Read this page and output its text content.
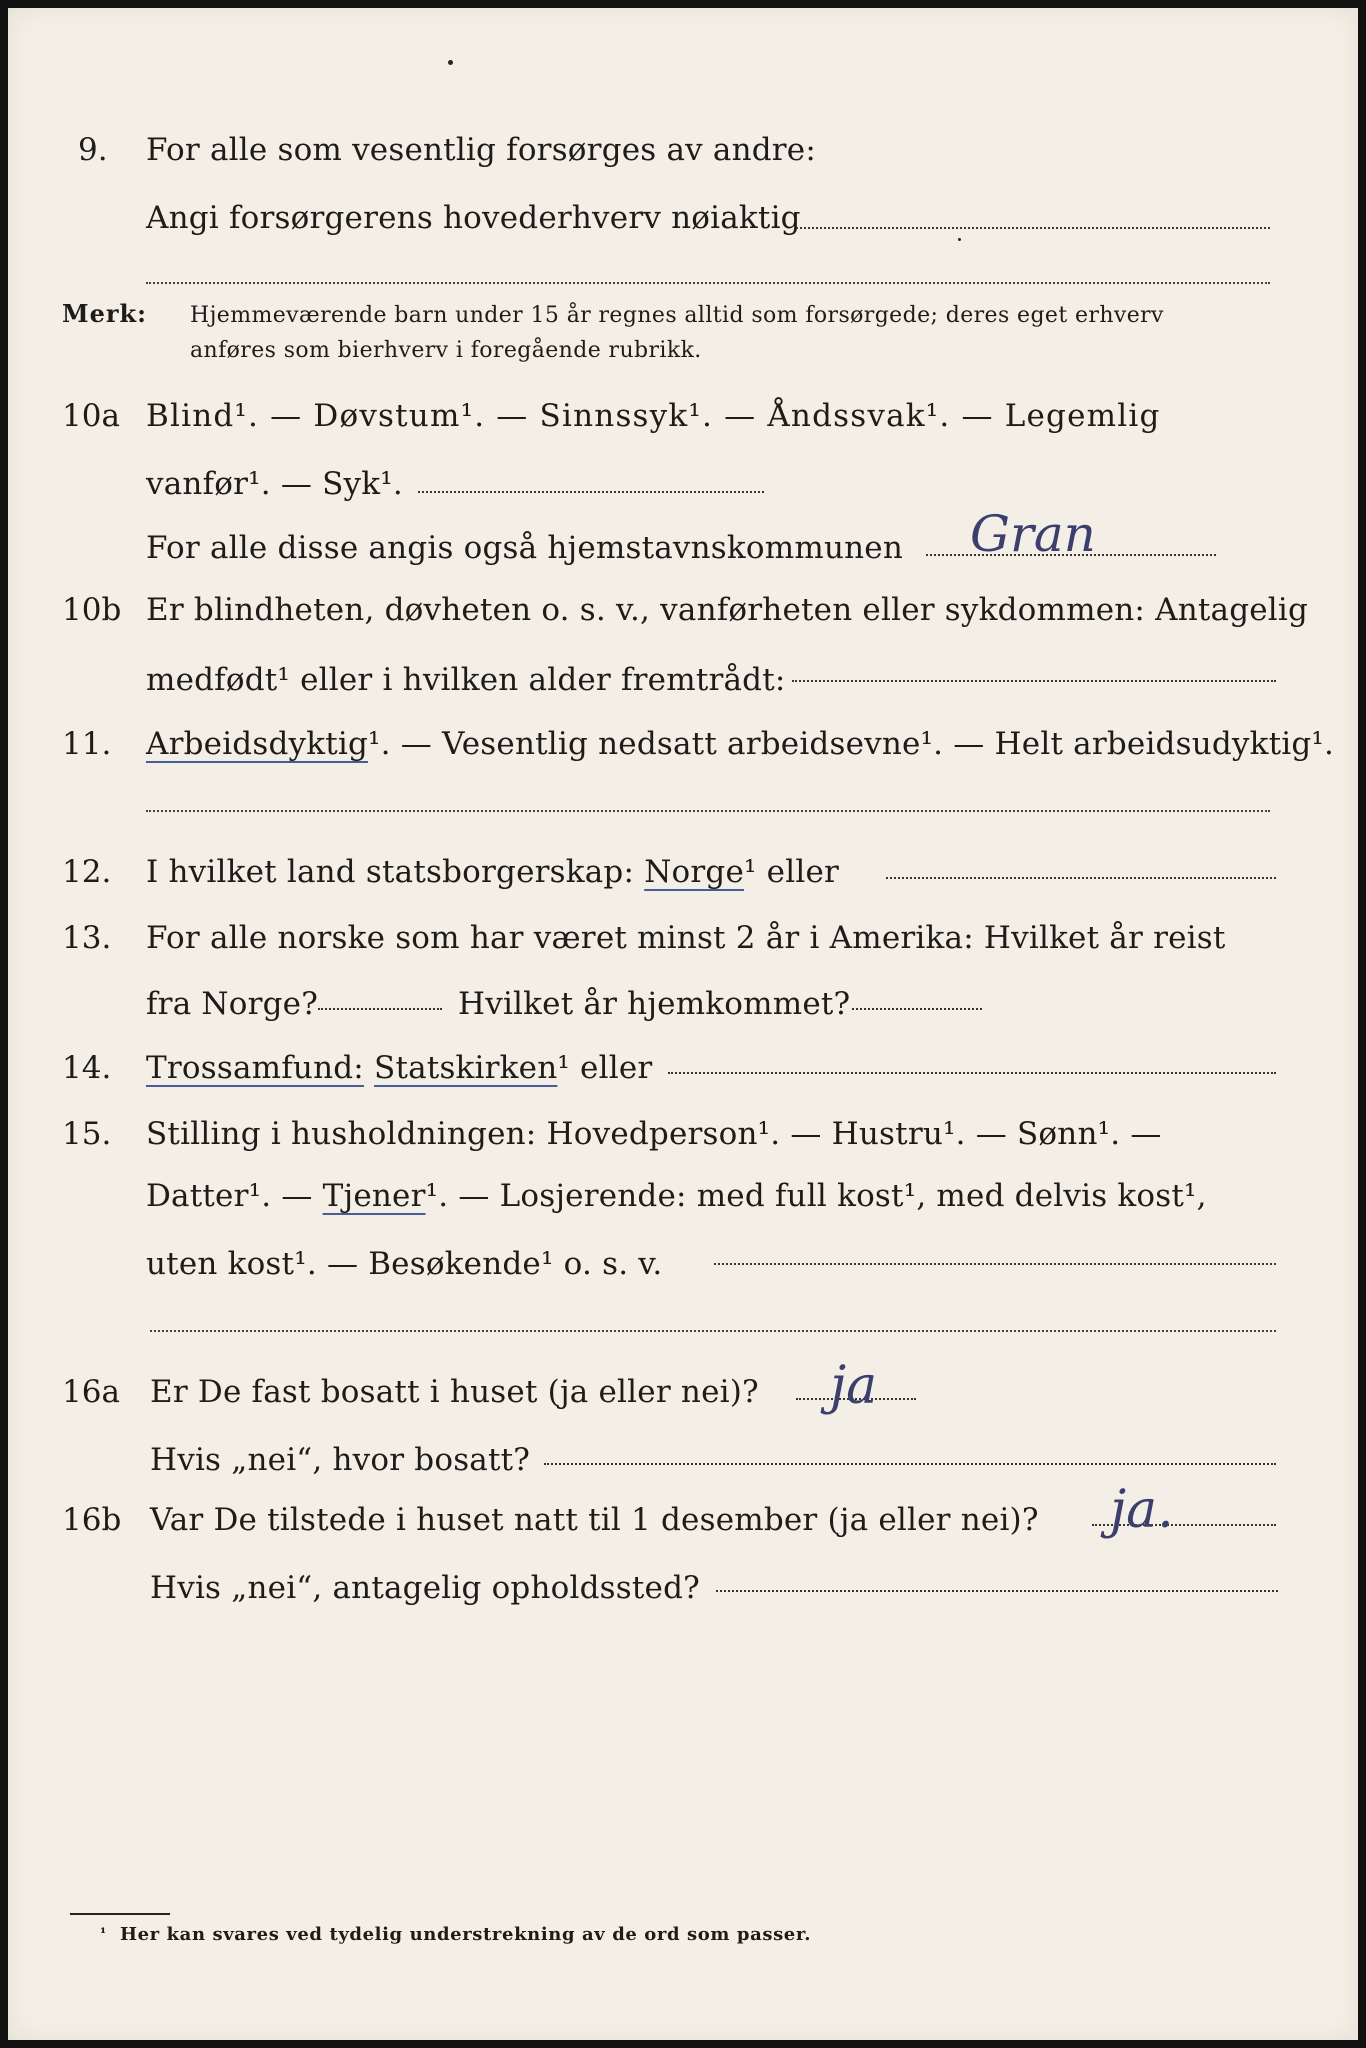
9. For alle som vesentlig forsørges av andre:
Angi forsørgerens hovederhverv nøiaktig
Merk: Hjemmeværende barn under 15 år regnes alltid som forsørgede; deres eget erhverv
anføres som bierhverv i foregående rubrikk.
10a Blind¹. — Døvstum¹. — Sinnssyk¹. — Åndssvak¹. — Legemlig
vanfør¹. — Syk¹.
For alle disse angis også hjemstavnskommunen Gran
10b Er blindheten, døvheten o. s. v., vanførheten eller sykdommen: Antagelig
medfødt¹ eller i hvilken alder fremtrådt:
11. Arbeidsdyktig¹. — Vesentlig nedsatt arbeidsevne¹. — Helt arbeidsudyktig¹.
12. I hvilket land statsborgerskap: Norge¹ eller
13. For alle norske som har været minst 2 år i Amerika: Hvilket år reist
fra Norge?	Hvilket år hjemkommet?
14. Trossamfund: Statskirken¹ eller
15. Stilling i husholdningen: Hovedperson¹. — Hustru¹. — Sønn¹. —
Datter¹. — Tjener¹. — Losjerende: med full kost¹, med delvis kost¹,
uten kost¹. — Besøkende¹ o. s. v.
16a Er De fast bosatt i huset (ja eller nei)? ja
Hvis „nei“, hvor bosatt?
16b Var De tilstede i huset natt til 1 desember (ja eller nei)? ja.
Hvis „nei“, antagelig opholdssted?
¹ Her kan svares ved tydelig understrekning av de ord som passer.
